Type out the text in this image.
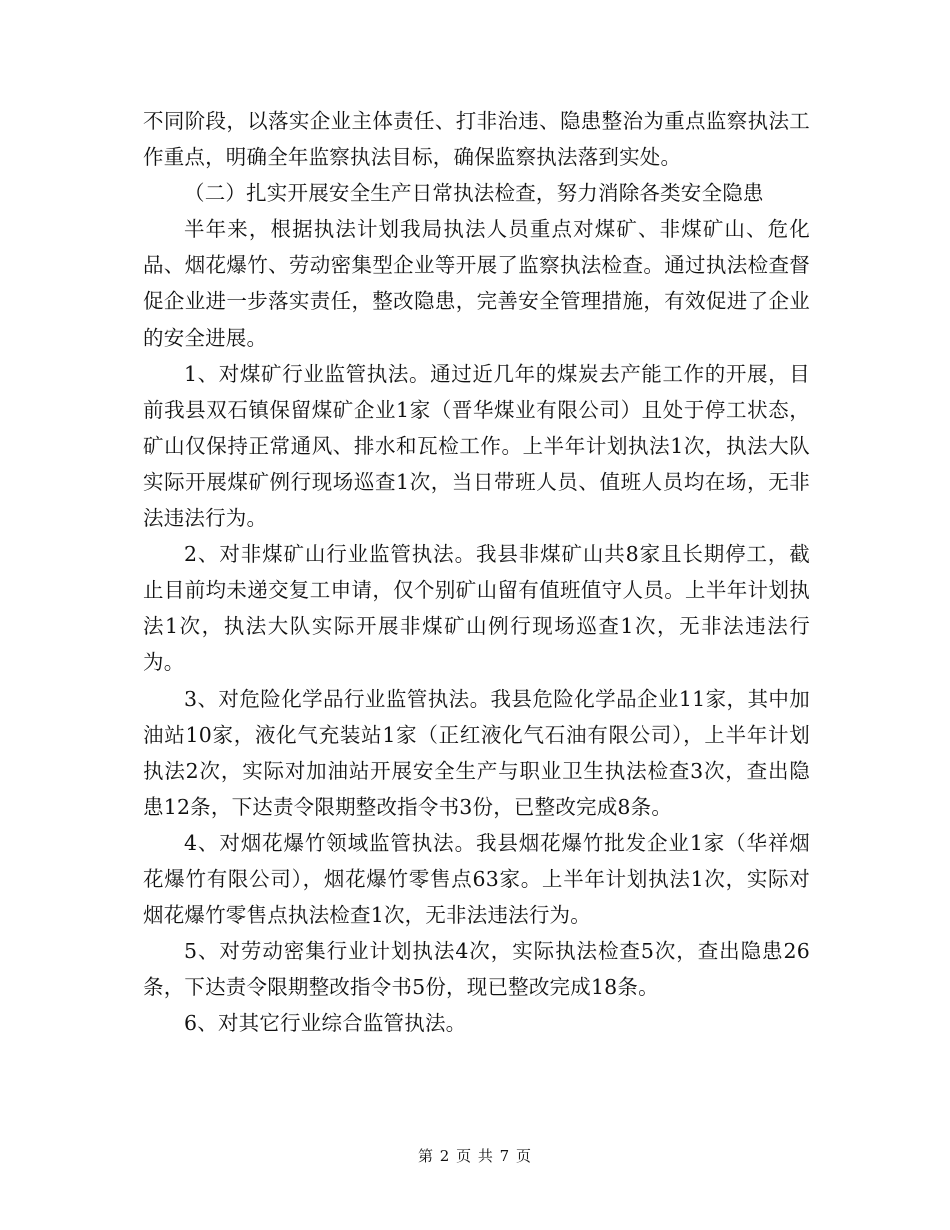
不同阶段，以落实企业主体责任、打非治违、隐患整治为重点监察执法工作重点，明确全年监察执法目标，确保监察执法落到实处。

（二）扎实开展安全生产日常执法检查，努力消除各类安全隐患

半年来，根据执法计划我局执法人员重点对煤矿、非煤矿山、危化品、烟花爆竹、劳动密集型企业等开展了监察执法检查。通过执法检查督促企业进一步落实责任，整改隐患，完善安全管理措施，有效促进了企业的安全进展。

1、对煤矿行业监管执法。通过近几年的煤炭去产能工作的开展，目前我县双石镇保留煤矿企业1家（晋华煤业有限公司）且处于停工状态，矿山仅保持正常通风、排水和瓦检工作。上半年计划执法1次，执法大队实际开展煤矿例行现场巡查1次，当日带班人员、值班人员均在场，无非法违法行为。

2、对非煤矿山行业监管执法。我县非煤矿山共8家且长期停工，截止目前均未递交复工申请，仅个别矿山留有值班值守人员。上半年计划执法1次，执法大队实际开展非煤矿山例行现场巡查1次，无非法违法行为。

3、对危险化学品行业监管执法。我县危险化学品企业11家，其中加油站10家，液化气充装站1家（正红液化气石油有限公司），上半年计划执法2次，实际对加油站开展安全生产与职业卫生执法检查3次，查出隐患12条，下达责令限期整改指令书3份，已整改完成8条。

4、对烟花爆竹领域监管执法。我县烟花爆竹批发企业1家（华祥烟花爆竹有限公司），烟花爆竹零售点63家。上半年计划执法1次，实际对烟花爆竹零售点执法检查1次，无非法违法行为。

5、对劳动密集行业计划执法4次，实际执法检查5次，查出隐患26条，下达责令限期整改指令书5份，现已整改完成18条。

6、对其它行业综合监管执法。

第 2 页 共 7 页
